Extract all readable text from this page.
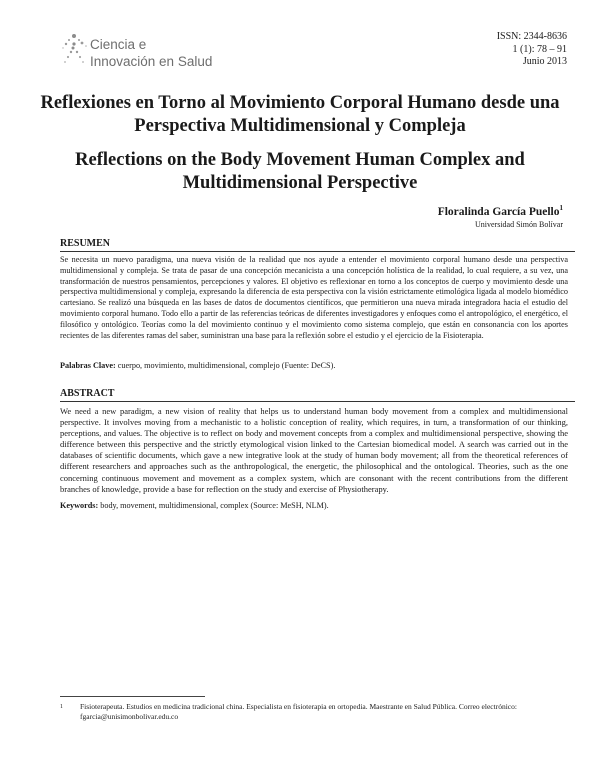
Ciencia e
Innovación en Salud
ISSN: 2344-8636
1 (1): 78 – 91
Junio 2013
Reflexiones en Torno al Movimiento Corporal Humano desde una Perspectiva Multidimensional y Compleja
Reflections on the Body Movement Human Complex and Multidimensional Perspective
Floralinda García Puello$^1$
Universidad Simón Bolívar
RESUMEN

Se necesita un nuevo paradigma, una nueva visión de la realidad que nos ayude a entender el movimiento corporal humano desde una perspectiva multidimensional y compleja. Se trata de pasar de una concepción mecanicista a una concepción holística de la realidad, lo cual requiere, a su vez, una transformación de nuestros pensamientos, percepciones y valores. El objetivo es reflexionar en torno a los conceptos de cuerpo y movimiento desde una perspectiva multidimensional y compleja, expresando la diferencia de esta perspectiva con la visión estrictamente etimológica ligada al modelo biomédico cartesiano. Se realizó una búsqueda en las bases de datos de documentos científicos, que permitieron una nueva mirada integradora hacia el estudio del movimiento corporal humano. Todo ello a partir de las referencias teóricas de diferentes investigadores y enfoques como el antropológico, el energético, el filosófico y ontológico. Teorías como la del movimiento continuo y el movimiento como sistema complejo, que están en consonancia con los aportes recientes de las diferentes ramas del saber, suministran una base para la reflexión sobre el estudio y el ejercicio de la Fisioterapia.

Palabras Clave: cuerpo, movimiento, multidimensional, complejo (Fuente: DeCS).
ABSTRACT

We need a new paradigm, a new vision of reality that helps us to understand human body movement from a complex and multidimensional perspective. It involves moving from a mechanistic to a holistic conception of reality, which requires, in turn, a transformation of our thinking, perceptions, and values. The objective is to reflect on body and movement concepts from a complex and multidimensional perspective, showing the difference between this perspective and the strictly etymological vision linked to the Cartesian biomedical model. A search was carried out in the databases of scientific documents, which gave a new integrative look at the study of human body movement; all from the theoretical references of different researchers and approaches such as the anthropological, the energetic, the philosophical and the ontological. Theories, such as the one concerning continuous movement and movement as a complex system, which are consonant with the recent contributions from the different branches of knowledge, provide a base for reflection on the study and exercise of Physiotherapy.

Keywords: body, movement, multidimensional, complex (Source: MeSH, NLM).
1 Fisioterapeuta. Estudios en medicina tradicional china. Especialista en fisioterapia en ortopedia. Maestrante en Salud Pública. Correo electrónico: fgarcia@unisimonbolivar.edu.co
